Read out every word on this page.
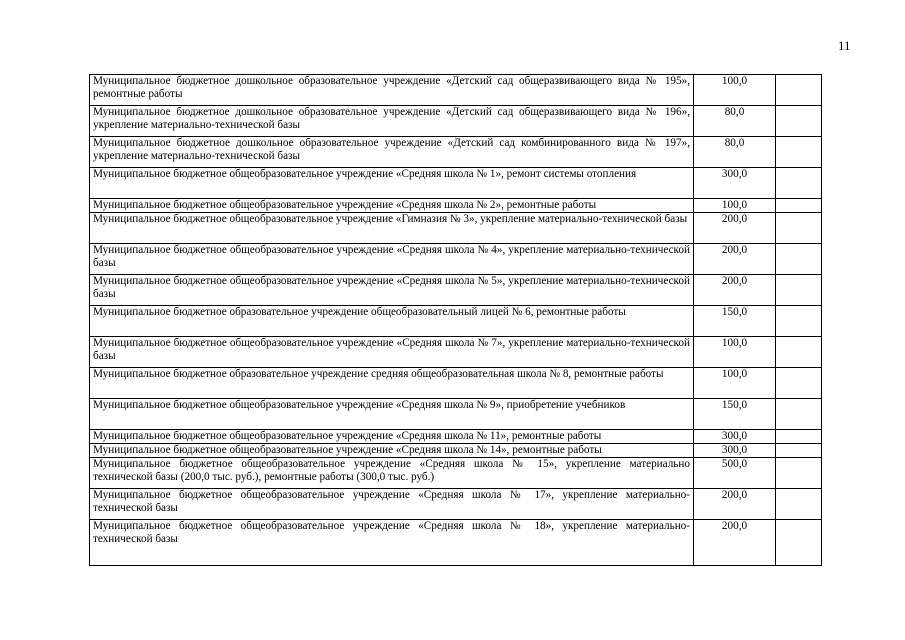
11
Муниципальное бюджетное дошкольное образовательное учреждение «Детский сад общеразвивающего вида № 195», ремонтные работы	100,0	
Муниципальное бюджетное дошкольное образовательное учреждение «Детский сад общеразвивающего вида № 196», укрепление материально-технической базы	80,0	
Муниципальное бюджетное дошкольное образовательное учреждение «Детский сад комбинированного вида № 197», укрепление материально-технической базы	80,0	
Муниципальное бюджетное общеобразовательное учреждение «Средняя школа № 1», ремонт системы отопления	300,0	
Муниципальное бюджетное общеобразовательное учреждение «Средняя школа № 2», ремонтные работы	100,0	
Муниципальное бюджетное общеобразовательное учреждение «Гимназия № 3», укрепление материально-технической базы	200,0	
Муниципальное бюджетное общеобразовательное учреждение «Средняя школа № 4», укрепление материально-технической базы	200,0	
Муниципальное бюджетное общеобразовательное учреждение «Средняя школа № 5», укрепление материально-технической базы	200,0	
Муниципальное бюджетное образовательное учреждение общеобразовательный лицей № 6, ремонтные работы	150,0	
Муниципальное бюджетное общеобразовательное учреждение «Средняя школа № 7», укрепление материально-технической базы	100,0	
Муниципальное бюджетное образовательное учреждение средняя общеобразовательная школа № 8, ремонтные работы	100,0	
Муниципальное бюджетное общеобразовательное учреждение «Средняя школа № 9», приобретение учебников	150,0	
Муниципальное бюджетное общеобразовательное учреждение «Средняя школа № 11», ремонтные работы	300,0	
Муниципальное бюджетное общеобразовательное учреждение «Средняя школа № 14», ремонтные работы	300,0	
Муниципальное бюджетное общеобразовательное учреждение «Средняя школа № 15», укрепление материально технической базы (200,0 тыс. руб.), ремонтные работы (300,0 тыс. руб.)	500,0	
Муниципальное бюджетное общеобразовательное учреждение «Средняя школа № 17», укрепление материально-технической базы	200,0	
Муниципальное бюджетное общеобразовательное учреждение «Средняя школа № 18», укрепление материально-технической базы	200,0	
